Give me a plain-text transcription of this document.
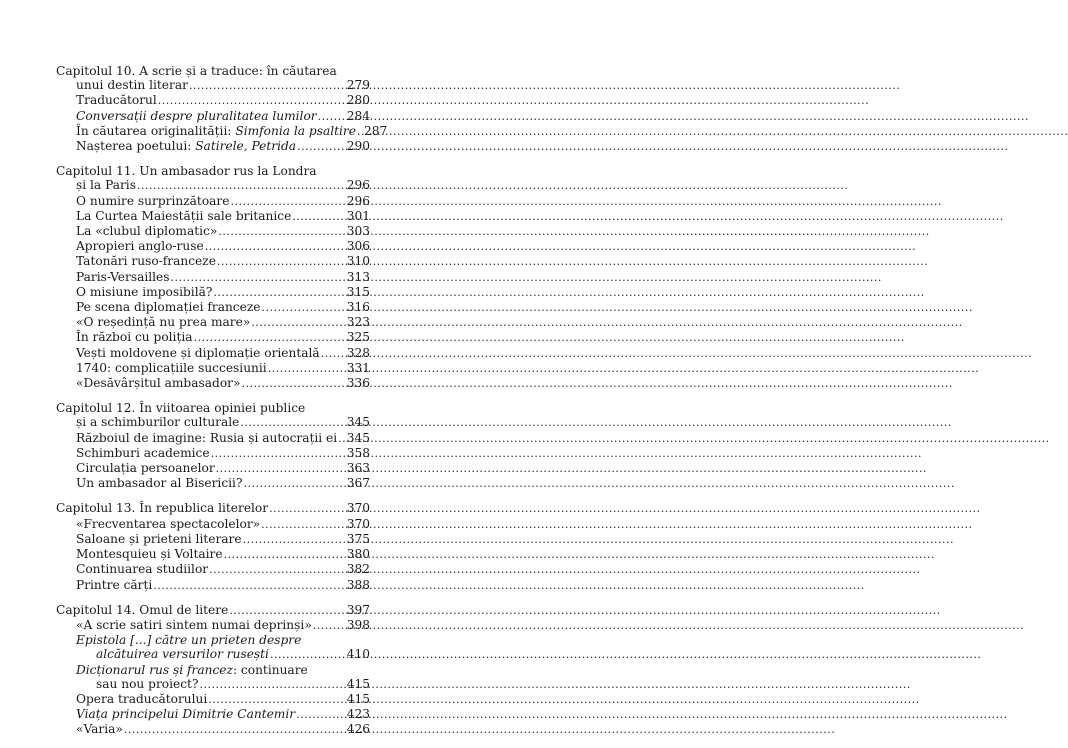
Capitolul 10. A scrie și a traduce: în căutarea
unui destin literar .....	279
Traducătorul .....	280
Conversații despre pluralitatea lumilor ..... 284
În căutarea originalității: Simfonia la psaltire ..... 287
Nașterea poetului: Satirele, Petrida .....	290
Capitolul 11. Un ambasador rus la Londra
și la Paris .....	296
O numire surprinzătoare .....	296
La Curtea Maiestății sale britanice .....	301
La «clubul diplomatic» .....	303
Apropieri anglo-ruse .....	306
Tatonări ruso-franceze .....	310
Paris-Versailles .....	313
O misiune imposibilă? .....	315
Pe scena diplomației franceze .....	316
«O reședință nu prea mare» .....	323
În război cu poliția .....	325
Vești moldovene și diplomație orientală ..... 328
1740: complicațiile succesiunii .....	331
«Desăvârșitul ambasador» .....	336
Capitolul 12. În viitoarea opiniei publice
și a schimburilor culturale .....	345
Războiul de imagine: Rusia și autocrații ei ..... 345
Schimburi academice .....	358
Circulația persoanelor .....	363
Un ambasador al Bisericii? .....	367
Capitolul 13. În republica literelor .....	370
«Frecventarea spectacolelor» .....	370
Saloane și prieteni literare .....	375
Montesquieu și Voltaire .....	380
Continuarea studiilor .....	382
Printre cărți .....	388
Capitolul 14. Omul de litere .....	397
«A scrie satiri sintem numai deprinși» .....	398
Epistola [...] către un prieten despre
alcătuirea versurilor rusești .....	410
Dicționarul rus și francez: continuare
sau nou proiect? .....	415
Opera traducătorului .....	415
Viața principelui Dimitrie Cantemir .....	423
«Varia» .....	426
